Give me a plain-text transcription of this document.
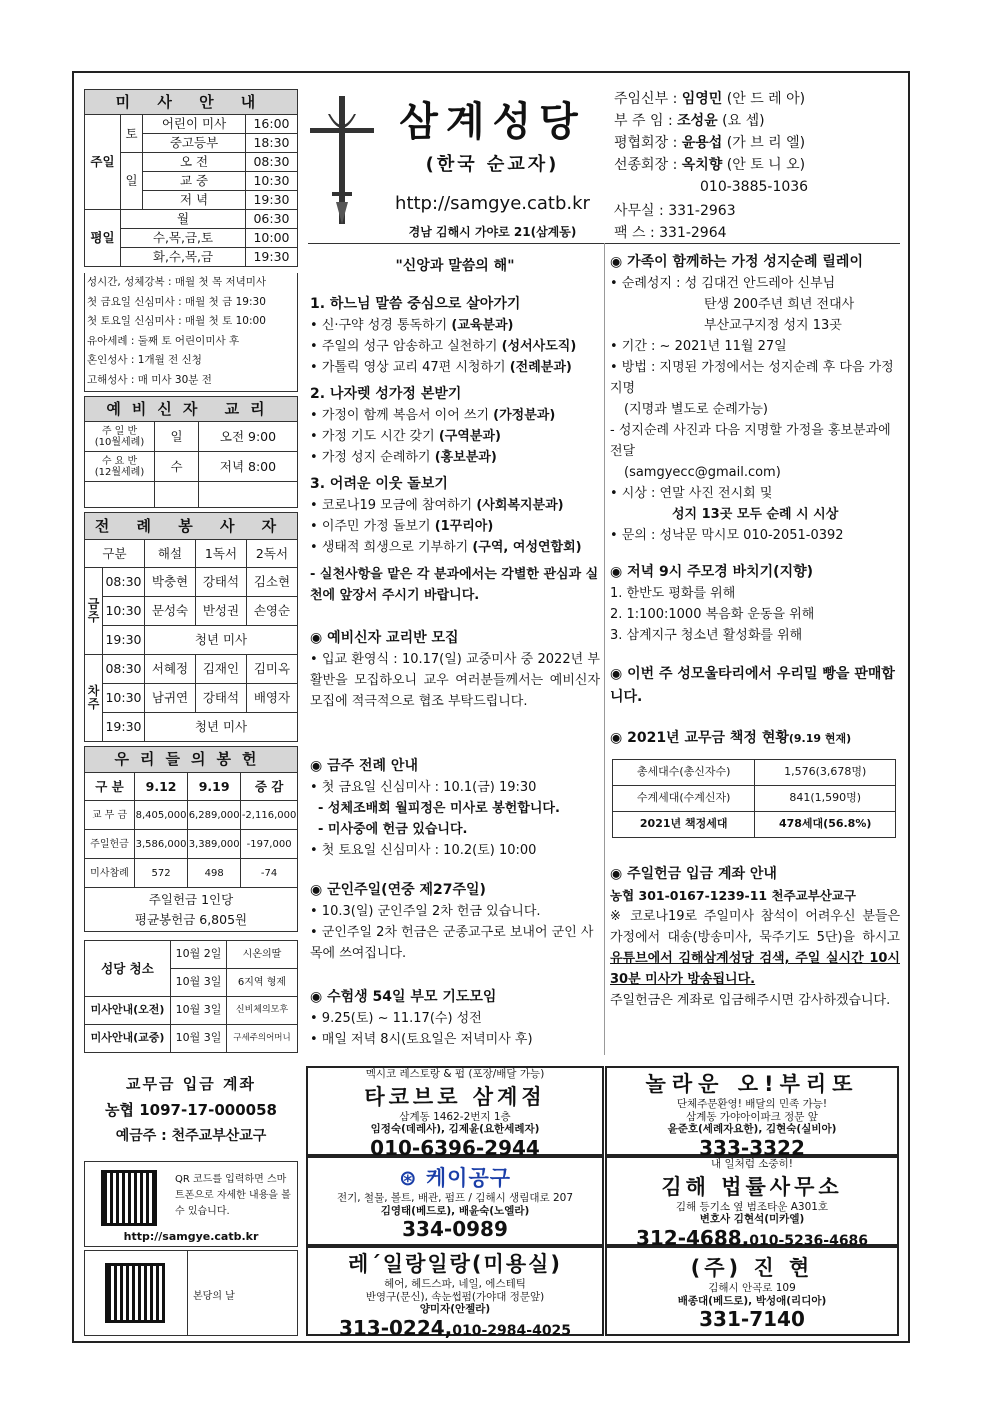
미 사 안 내			
주일	토	어린이 미사	16:00
		중고등부	18:30
	일	오 전	08:30
		교 중	10:30
		저 녁	19:30
평일	월		06:30
	수,목,금,토		10:00
	화,수,목,금		19:30
성시간, 성체강복 : 매월 첫 목 저녁미사
첫 금요일 신심미사 : 매월 첫 금 19:30
첫 토요일 신심미사 : 매월 첫 토 10:00
유아세례 : 둘째 토 어린이미사 후
혼인성사 : 1개월 전 신청
고해성사 : 매 미사 30분 전
예비신자 교리		

주 일 반
(10월세례)	일	오전 9:00

수 요 반
(12월세례)	수	저녁 8:00

전 례 봉 사 자				
구분		해설	1독서	2독서
금주	08:30	박충현	강태석	김소현
	10:30	문성숙	반성권	손영순
	19:30	청년 미사		
차주	08:30	서혜정	김재인	김미옥
	10:30	남귀연	강태석	배영자
	19:30	청년 미사		
우리들의봉헌			
구 분	9.12	9.19	증 감
교 무 금	8,405,000	6,289,000	-2,116,000
주일헌금	3,586,000	3,389,000	-197,000
미사참례	572	498	-74

주일헌금 1인당
평균봉헌금 6,805원			
성당 청소	10월 2일	시온의딸
	10월 3일	6지역 형제
미사안내(오전)	10월 3일	신비체의모후
미사안내(교중)	10월 3일	구세주의어머니
삼계성당
(한국 순교자)
http://samgye.catb.kr
경남 김해시 가야로 21(삼계동)
주임신부 : 임영민 (안 드 레 아)
부 주 임 : 조성윤 (요 셉)
평협회장 : 윤용섭 (가 브 리 엘)
선종회장 : 옥치향 (안 토 니 오)
010-3885-1036
사무실 : 331-2963
팩 스 : 331-2964
"신앙과 말씀의 해"
1. 하느님 말씀 중심으로 살아가기
• 신·구약 성경 통독하기 (교육분과)
• 주일의 성구 암송하고 실천하기 (성서사도직)
• 가톨릭 영상 교리 47편 시청하기 (전례분과)
2. 나자렛 성가정 본받기
• 가정이 함께 복음서 이어 쓰기 (가정분과)
• 가정 기도 시간 갖기 (구역분과)
• 가정 성지 순례하기 (홍보분과)
3. 어려운 이웃 돌보기
• 코로나19 모금에 참여하기 (사회복지분과)
• 이주민 가정 돌보기 (1꾸리아)
• 생태적 희생으로 기부하기 (구역, 여성연합회)
- 실천사항을 맡은 각 분과에서는 각별한 관심과 실천에 앞장서 주시기 바랍니다.
◉ 예비신자 교리반 모집
• 입교 환영식 : 10.17(일) 교중미사 중 2022년 부활반을 모집하오니 교우 여러분들께서는 예비신자 모집에 적극적으로 협조 부탁드립니다.
◉ 금주 전례 안내
• 첫 금요일 신심미사 : 10.1(금) 19:30
- 성체조배회 월피정은 미사로 봉헌합니다.
- 미사중에 헌금 있습니다.
• 첫 토요일 신심미사 : 10.2(토) 10:00
◉ 군인주일(연중 제27주일)
• 10.3(일) 군인주일 2차 헌금 있습니다.
• 군인주일 2차 헌금은 군종교구로 보내어 군인 사목에 쓰여집니다.
◉ 수험생 54일 부모 기도모임
• 9.25(토) ~ 11.17(수) 성전
• 매일 저녁 8시(토요일은 저녁미사 후)
◉ 가족이 함께하는 가정 성지순례 릴레이
• 순례성지 : 성 김대건 안드레아 신부님
탄생 200주년 희년 전대사
부산교구지정 성지 13곳
• 기간 : ~ 2021년 11월 27일
• 방법 : 지명된 가정에서는 성지순례 후 다음 가정 지명
(지명과 별도로 순례가능)
- 성지순례 사진과 다음 지명할 가정을 홍보분과에 전달
(samgyecc@gmail.com)
• 시상 : 연말 사진 전시회 및
성지 13곳 모두 순례 시 시상
• 문의 : 성낙문 막시모 010-2051-0392
◉ 저녁 9시 주모경 바치기(지향)
1. 한반도 평화를 위해
2. 1:100:1000 복음화 운동을 위해
3. 삼계지구 청소년 활성화를 위해
◉ 이번 주 성모울타리에서 우리밀 빵을 판매합니다.
◉ 2021년 교무금 책정 현황(9.19 현재)
총세대수(총신자수)	1,576(3,678명)
수계세대(수계신자)	841(1,590명)
2021년 책정세대	478세대(56.8%)
◉ 주일헌금 입금 계좌 안내
농협 301-0167-1239-11 천주교부산교구
※ 코로나19로 주일미사 참석이 어려우신 분들은 가정에서 대송(방송미사, 묵주기도 5단)을 하시고 유튜브에서 김해삼계성당 검색, 주일 실시간 10시30분 미사가 방송됩니다.
주일헌금은 계좌로 입금해주시면 감사하겠습니다.
교무금 입금 계좌
농협 1097-17-000058
예금주 : 천주교부산교구
QR 코드를 입력하면 스마트폰으로 자세한 내용을 볼 수 있습니다.
http://samgye.catb.kr
본당의 날
멕시코 레스토랑 & 펍 (포장/배달 가능)
타코브로 삼계점
삼계동 1462-2번지 1층
임정숙(데레사), 김제윤(요한세례자)
010-6396-2944
놀라운 오!부리또
단체주문환영! 배달의 민족 가능!
삼계동 가야아이파크 정문 앞
윤준호(세례자요한), 김현숙(실비아)
333-3322
⊛ 케이공구
전기, 철물, 볼트, 배관, 펌프 / 김해시 생림대로 207
김영태(베드로), 배윤숙(노엘라)
334-0989
내 일처럼 소중히!
김해 법률사무소
김해 등기소 옆 범조타운 A301호
변호사 김현석(미카엘)
312-4688,010-5236-4686
레´일랑일랑(미용실)
헤어, 헤드스파, 네일, 에스테틱
반영구(문신), 속눈썹펌(가야대 정문앞)
양미자(안젤라)
313-0224,010-2984-4025
(주) 진 현
김해시 안곡로 109
배종대(베드로), 박성애(리디아)
331-7140
